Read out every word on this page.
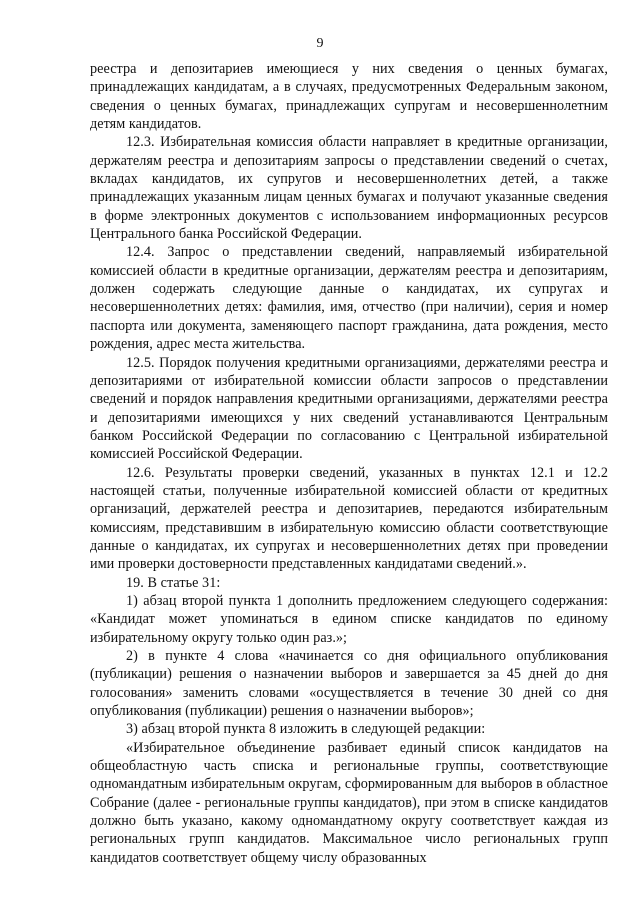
9

реестра и депозитариев имеющиеся у них сведения о ценных бумагах, принадлежащих кандидатам, а в случаях, предусмотренных Федеральным законом, сведения о ценных бумагах, принадлежащих супругам и несовершеннолетним детям кандидатов.

12.3. Избирательная комиссия области направляет в кредитные организации, держателям реестра и депозитариям запросы о представлении сведений о счетах, вкладах кандидатов, их супругов и несовершеннолетних детей, а также принадлежащих указанным лицам ценных бумагах и получают указанные сведения в форме электронных документов с использованием информационных ресурсов Центрального банка Российской Федерации.

12.4. Запрос о представлении сведений, направляемый избирательной комиссией области в кредитные организации, держателям реестра и депозитариям, должен содержать следующие данные о кандидатах, их супругах и несовершеннолетних детях: фамилия, имя, отчество (при наличии), серия и номер паспорта или документа, заменяющего паспорт гражданина, дата рождения, место рождения, адрес места жительства.

12.5. Порядок получения кредитными организациями, держателями реестра и депозитариями от избирательной комиссии области запросов о представлении сведений и порядок направления кредитными организациями, держателями реестра и депозитариями имеющихся у них сведений устанавливаются Центральным банком Российской Федерации по согласованию с Центральной избирательной комиссией Российской Федерации.

12.6. Результаты проверки сведений, указанных в пунктах 12.1 и 12.2 настоящей статьи, полученные избирательной комиссией области от кредитных организаций, держателей реестра и депозитариев, передаются избирательным комиссиям, представившим в избирательную комиссию области соответствующие данные о кандидатах, их супругах и несовершеннолетних детях при проведении ими проверки достоверности представленных кандидатами сведений.».

19. В статье 31:

1) абзац второй пункта 1 дополнить предложением следующего содержания: «Кандидат может упоминаться в едином списке кандидатов по единому избирательному округу только один раз.»;

2) в пункте 4 слова «начинается со дня официального опубликования (публикации) решения о назначении выборов и завершается за 45 дней до дня голосования» заменить словами «осуществляется в течение 30 дней со дня опубликования (публикации) решения о назначении выборов»;

3) абзац второй пункта 8 изложить в следующей редакции:

«Избирательное объединение разбивает единый список кандидатов на общеобластную часть списка и региональные группы, соответствующие одномандатным избирательным округам, сформированным для выборов в областное Собрание (далее - региональные группы кандидатов), при этом в списке кандидатов должно быть указано, какому одномандатному округу соответствует каждая из региональных групп кандидатов. Максимальное число региональных групп кандидатов соответствует общему числу образованных
